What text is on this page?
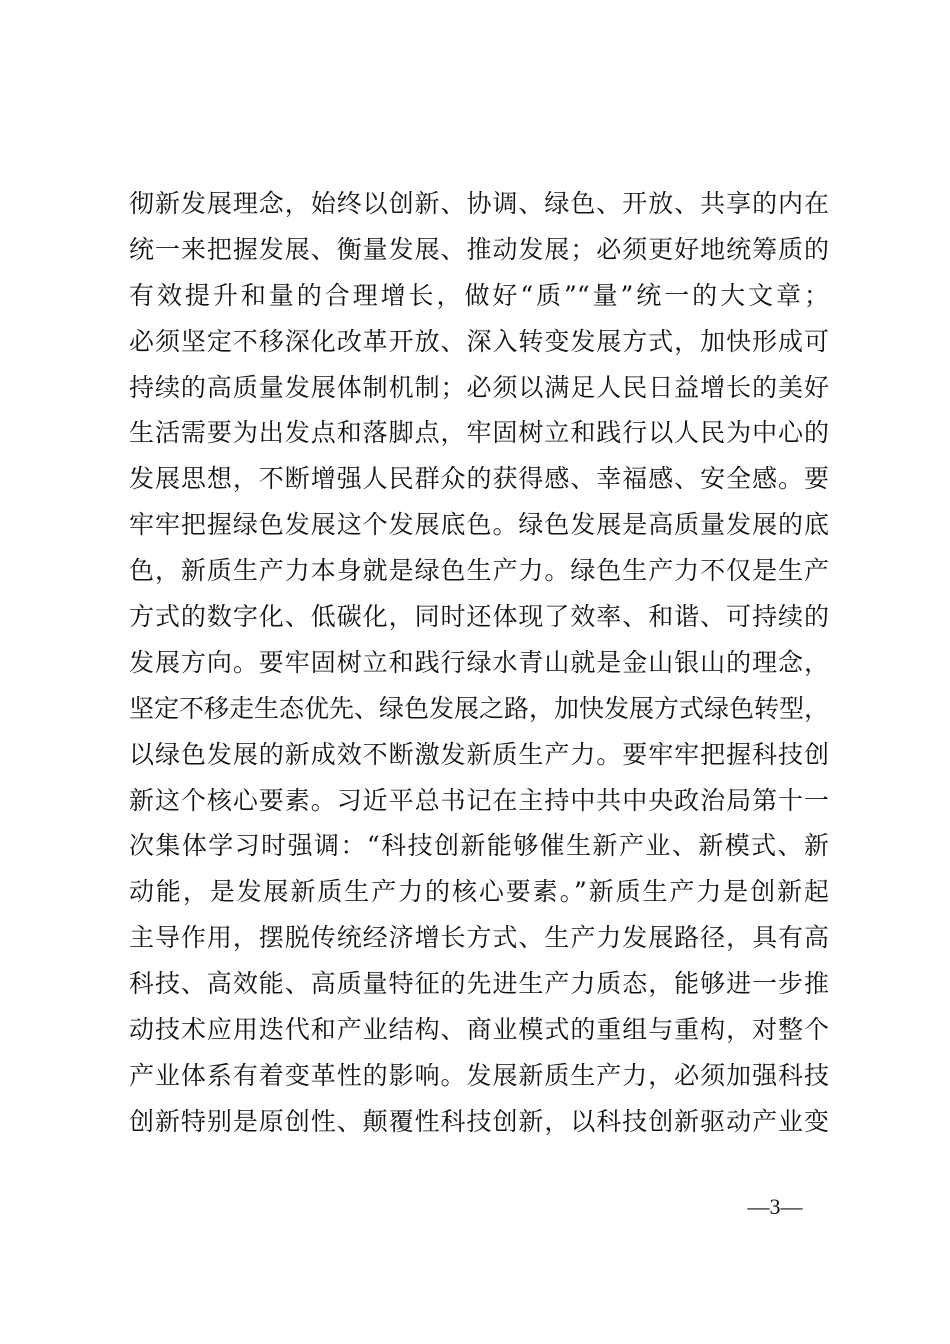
彻新发展理念，始终以创新、协调、绿色、开放、共享的内在
统一来把握发展、衡量发展、推动发展；必须更好地统筹质的
有效提升和量的合理增长，做好“质”“量”统一的大文章；
必须坚定不移深化改革开放、深入转变发展方式，加快形成可
持续的高质量发展体制机制；必须以满足人民日益增长的美好
生活需要为出发点和落脚点，牢固树立和践行以人民为中心的
发展思想，不断增强人民群众的获得感、幸福感、安全感。要
牢牢把握绿色发展这个发展底色。绿色发展是高质量发展的底
色，新质生产力本身就是绿色生产力。绿色生产力不仅是生产
方式的数字化、低碳化，同时还体现了效率、和谐、可持续的
发展方向。要牢固树立和践行绿水青山就是金山银山的理念，
坚定不移走生态优先、绿色发展之路，加快发展方式绿色转型，
以绿色发展的新成效不断激发新质生产力。要牢牢把握科技创
新这个核心要素。习近平总书记在主持中共中央政治局第十一
次集体学习时强调：“科技创新能够催生新产业、新模式、新
动能，是发展新质生产力的核心要素。”新质生产力是创新起
主导作用，摆脱传统经济增长方式、生产力发展路径，具有高
科技、高效能、高质量特征的先进生产力质态，能够进一步推
动技术应用迭代和产业结构、商业模式的重组与重构，对整个
产业体系有着变革性的影响。发展新质生产力，必须加强科技
创新特别是原创性、颠覆性科技创新，以科技创新驱动产业变
—3—
